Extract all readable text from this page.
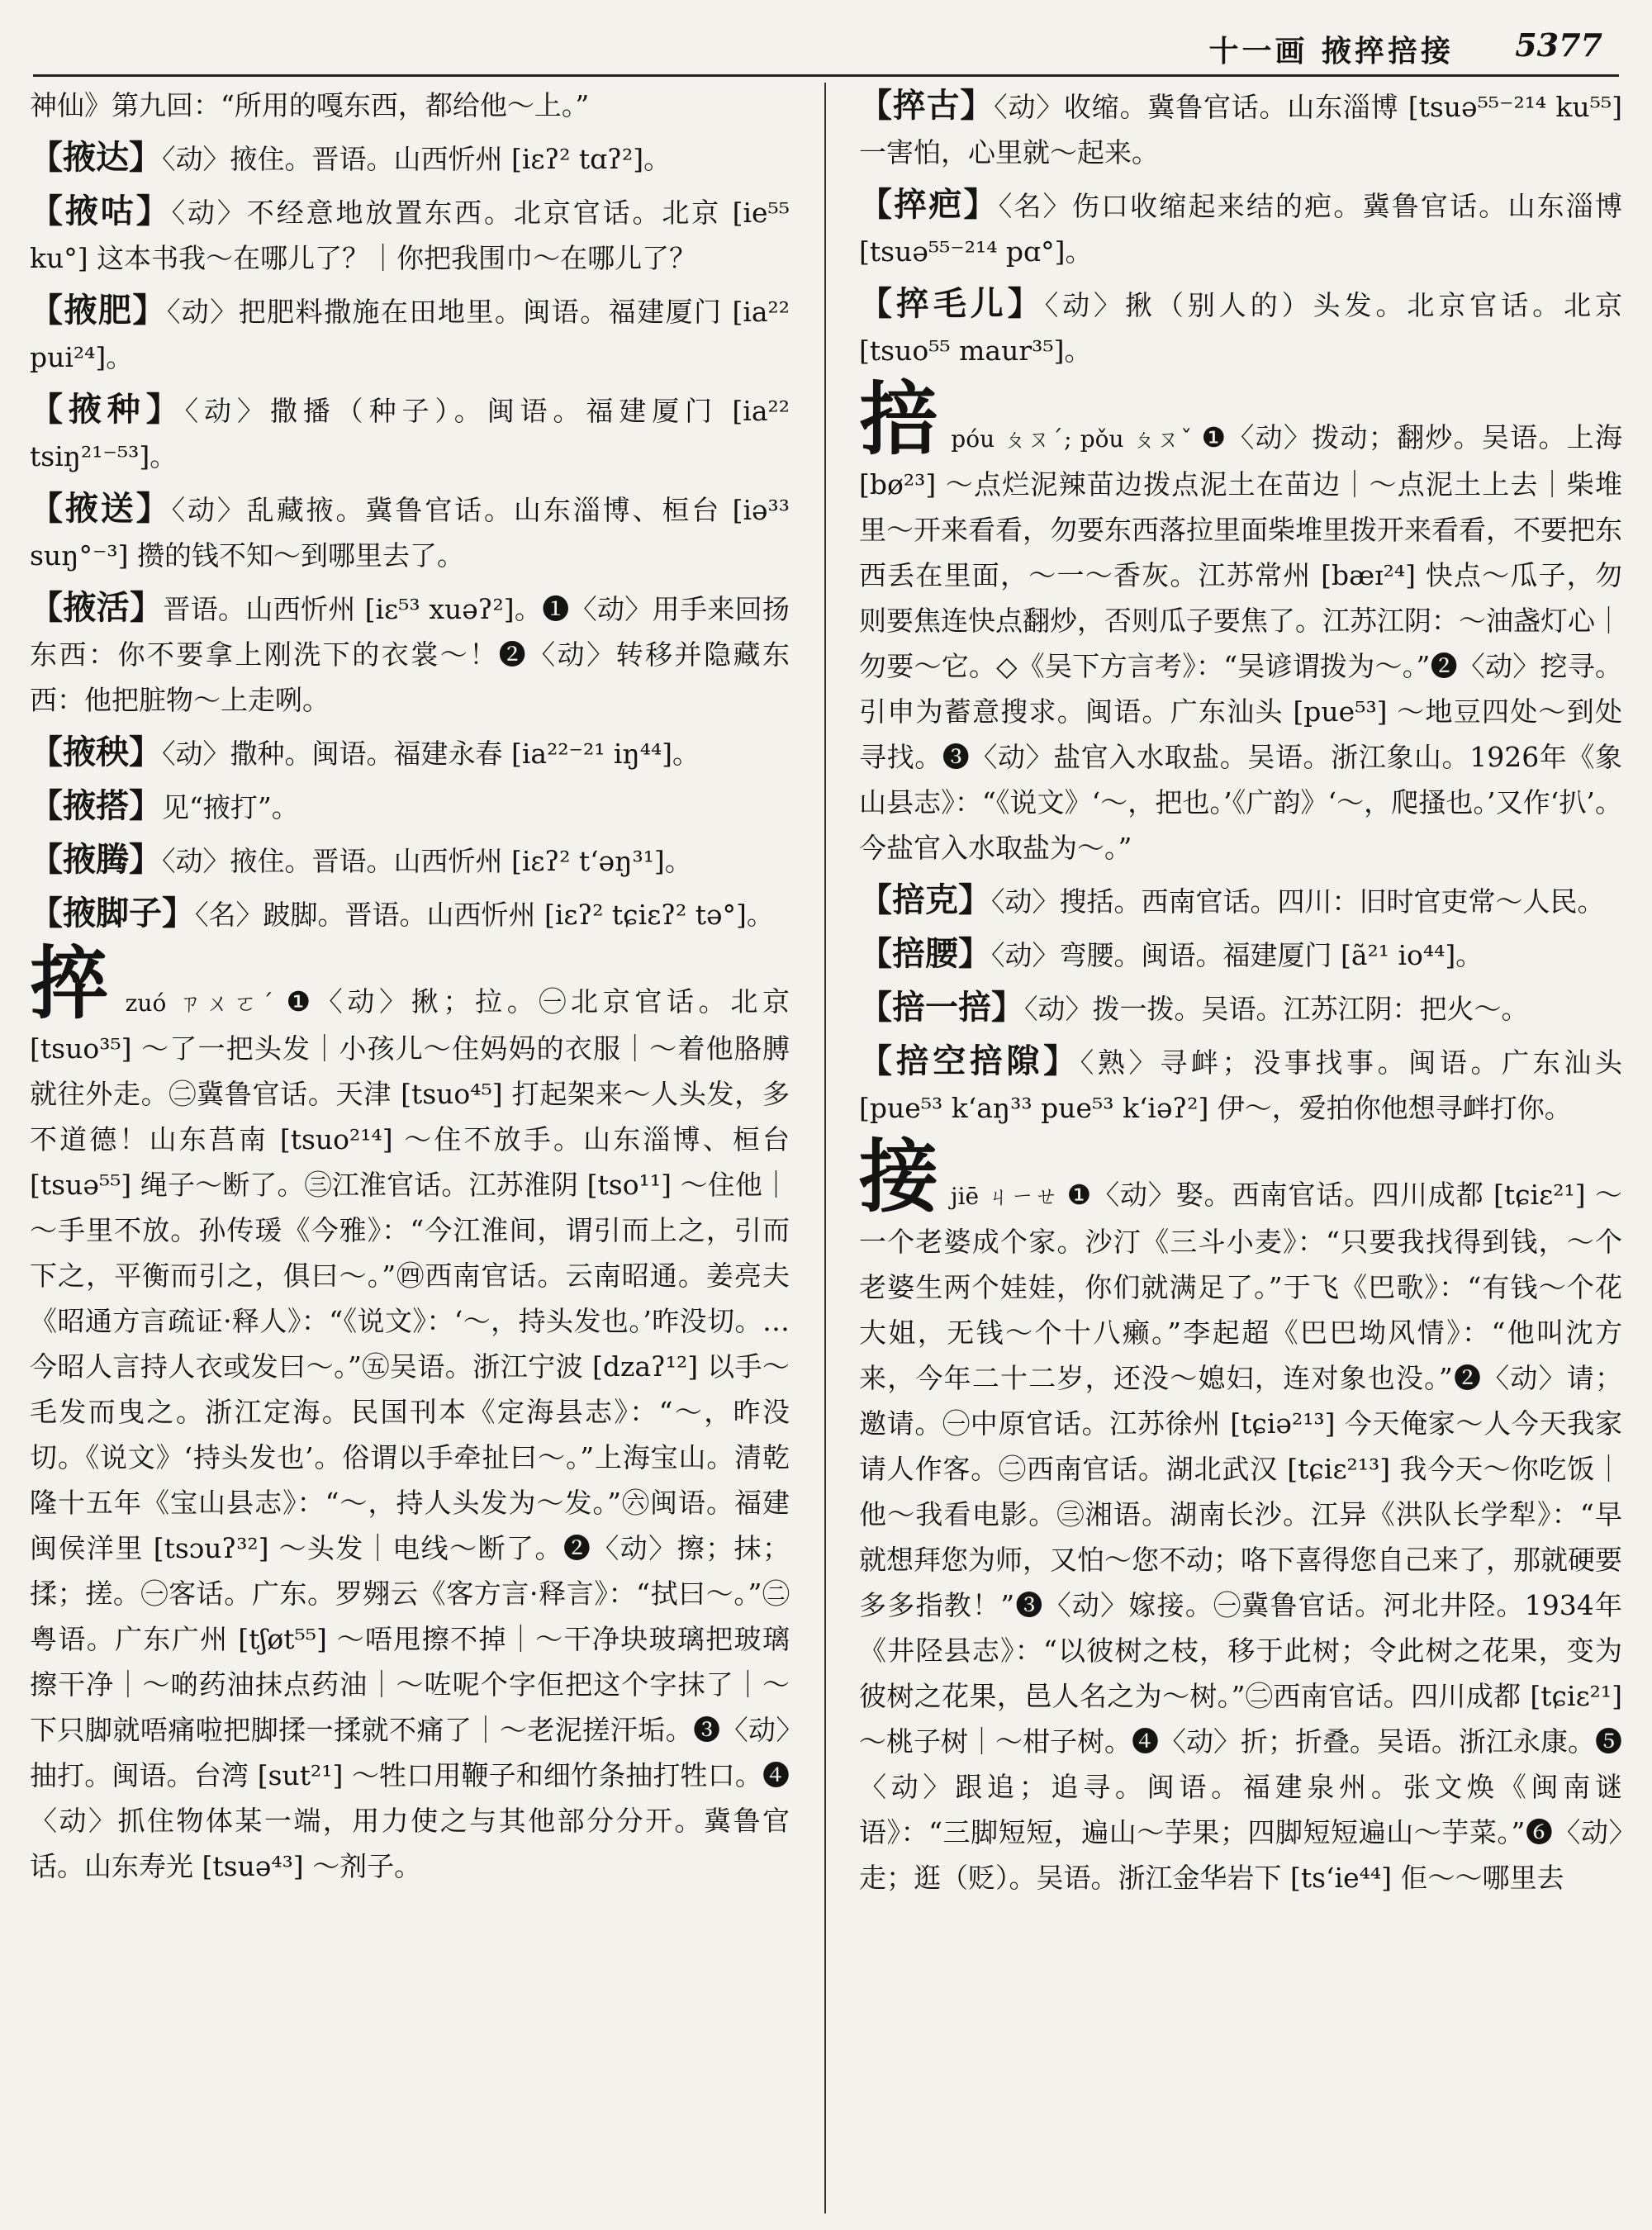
十一画 掖捽掊接 5377

神仙》第九回：“所用的嘎东西，都给他～上。”

【掖达】〈动〉掖住。晋语。山西忻州 [iɛʔ² tɑʔ²]。

【掖咕】〈动〉不经意地放置东西。北京官话。北京 [ie⁵⁵ ku°] 这本书我～在哪儿了？｜你把我围巾～在哪儿了？

【掖肥】〈动〉把肥料撒施在田地里。闽语。福建厦门 [ia²² pui²⁴]。

【掖种】〈动〉撒播（种子）。闽语。福建厦门 [ia²² tsiŋ²¹⁻⁵³]。

【掖送】〈动〉乱藏掖。冀鲁官话。山东淄博、桓台 [iə³³ suŋ°⁻³] 攒的钱不知～到哪里去了。

【掖活】晋语。山西忻州 [iɛ⁵³ xuəʔ²]。❶〈动〉用手来回扬东西：你不要拿上刚洗下的衣裳～！❷〈动〉转移并隐藏东西：他把脏物～上走咧。

【掖秧】〈动〉撒种。闽语。福建永春 [ia²²⁻²¹ iŋ⁴⁴]。

【掖搭】见“掖打”。

【掖腾】〈动〉掖住。晋语。山西忻州 [iɛʔ² tʻəŋ³¹]。

【掖脚子】〈名〉跛脚。晋语。山西忻州 [iɛʔ² tɕiɛʔ² tə°]。

捽zuó ㄗㄨㄛˊ ❶〈动〉揪；拉。㊀北京官话。北京 [tsuo³⁵] ～了一把头发｜小孩儿～住妈妈的衣服｜～着他胳膊就往外走。㊁冀鲁官话。天津 [tsuo⁴⁵] 打起架来～人头发，多不道德！山东莒南 [tsuo²¹⁴] ～住不放手。山东淄博、桓台 [tsuə⁵⁵] 绳子～断了。㊂江淮官话。江苏淮阴 [tso¹¹] ～住他｜～手里不放。孙传瑗《今雅》：“今江淮间，谓引而上之，引而下之，平衡而引之，俱曰～。”㊃西南官话。云南昭通。姜亮夫《昭通方言疏证·释人》：“《说文》：‘～，持头发也。’昨没切。…今昭人言持人衣或发曰～。”㊄吴语。浙江宁波 [dzaʔ¹²] 以手～毛发而曳之。浙江定海。民国刊本《定海县志》：“～，昨没切。《说文》‘持头发也’。俗谓以手牵扯曰～。”上海宝山。清乾隆十五年《宝山县志》：“～，持人头发为～发。”㊅闽语。福建闽侯洋里 [tsɔuʔ³²] ～头发｜电线～断了。❷〈动〉擦；抹；揉；搓。㊀客话。广东。罗翙云《客方言·释言》：“拭曰～。”㊁粤语。广东广州 [tʃøt⁵⁵] ～唔甩擦不掉｜～干净块玻璃把玻璃擦干净｜～啲药油抹点药油｜～咗呢个字佢把这个字抹了｜～下只脚就唔痛啦把脚揉一揉就不痛了｜～老泥搓汗垢。❸〈动〉抽打。闽语。台湾 [sut²¹] ～牲口用鞭子和细竹条抽打牲口。❹〈动〉抓住物体某一端，用力使之与其他部分分开。冀鲁官话。山东寿光 [tsuə⁴³] ～剂子。

【捽古】〈动〉收缩。冀鲁官话。山东淄博 [tsuə⁵⁵⁻²¹⁴ ku⁵⁵] 一害怕，心里就～起来。

【捽疤】〈名〉伤口收缩起来结的疤。冀鲁官话。山东淄博 [tsuə⁵⁵⁻²¹⁴ pɑ°]。

【捽毛儿】〈动〉揪（别人的）头发。北京官话。北京 [tsuo⁵⁵ maur³⁵]。

掊póu ㄆㄡˊ; pǒu ㄆㄡˇ ❶〈动〉拨动；翻炒。吴语。上海 [bø²³] ～点烂泥辣苗边拨点泥土在苗边｜～点泥土上去｜柴堆里～开来看看，勿要东西落拉里面柴堆里拨开来看看，不要把东西丢在里面，～一～香灰。江苏常州 [bæɪ²⁴] 快点～瓜子，勿则要焦连快点翻炒，否则瓜子要焦了。江苏江阴：～油盏灯心｜勿要～它。◇《吴下方言考》：“吴谚谓拨为～。”❷〈动〉挖寻。引申为蓄意搜求。闽语。广东汕头 [pue⁵³] ～地豆四处～到处寻找。❸〈动〉盐官入水取盐。吴语。浙江象山。1926年《象山县志》：“《说文》‘～，把也。’《广韵》‘～，爬搔也。’又作‘扒’。今盐官入水取盐为～。”

【掊克】〈动〉搜括。西南官话。四川：旧时官吏常～人民。

【掊腰】〈动〉弯腰。闽语。福建厦门 [ã²¹ io⁴⁴]。

【掊一掊】〈动〉拨一拨。吴语。江苏江阴：把火～。

【掊空掊隙】〈熟〉寻衅；没事找事。闽语。广东汕头 [pue⁵³ kʻaŋ³³ pue⁵³ kʻiəʔ²] 伊～，爱拍你他想寻衅打你。

接jiē ㄐㄧㄝ ❶〈动〉娶。西南官话。四川成都 [tɕiɛ²¹] ～一个老婆成个家。沙汀《三斗小麦》：“只要我找得到钱，～个老婆生两个娃娃，你们就满足了。”于飞《巴歌》：“有钱～个花大姐，无钱～个十八癞。”李起超《巴巴坳风情》：“他叫沈方来，今年二十二岁，还没～媳妇，连对象也没。”❷〈动〉请；邀请。㊀中原官话。江苏徐州 [tɕiə²¹³] 今天俺家～人今天我家请人作客。㊁西南官话。湖北武汉 [tɕiɛ²¹³] 我今天～你吃饭｜他～我看电影。㊂湘语。湖南长沙。江异《洪队长学犁》：“早就想拜您为师，又怕～您不动；咯下喜得您自己来了，那就硬要多多指教！”❸〈动〉嫁接。㊀冀鲁官话。河北井陉。1934年《井陉县志》：“以彼树之枝，移于此树；令此树之花果，变为彼树之花果，邑人名之为～树。”㊁西南官话。四川成都 [tɕiɛ²¹] ～桃子树｜～柑子树。❹〈动〉折；折叠。吴语。浙江永康。❺〈动〉跟追；追寻。闽语。福建泉州。张文焕《闽南谜语》：“三脚短短，遍山～芋果；四脚短短遍山～芋菜。”❻〈动〉走；逛（贬）。吴语。浙江金华岩下 [tsʻie⁴⁴] 佢～～哪里去
